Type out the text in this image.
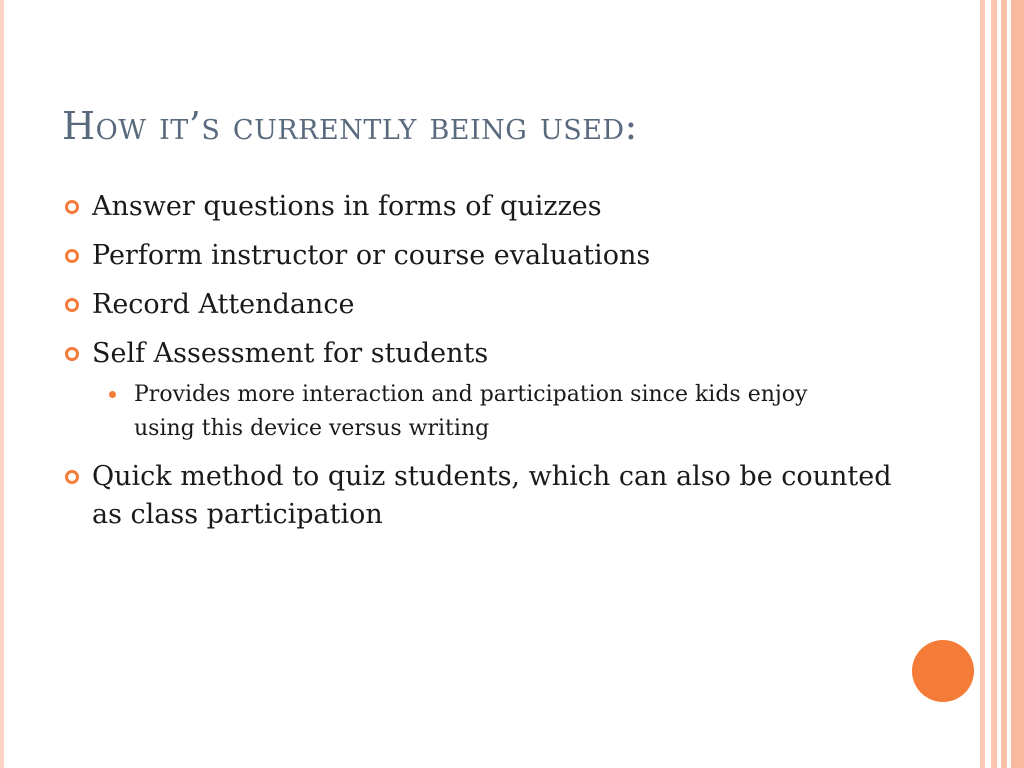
How it’s currently being used:
Answer questions in forms of quizzes
Perform instructor or course evaluations
Record Attendance
Self Assessment for students
Provides more interaction and participation since kids enjoy using this device versus writing
Quick method to quiz students, which can also be counted as class participation
